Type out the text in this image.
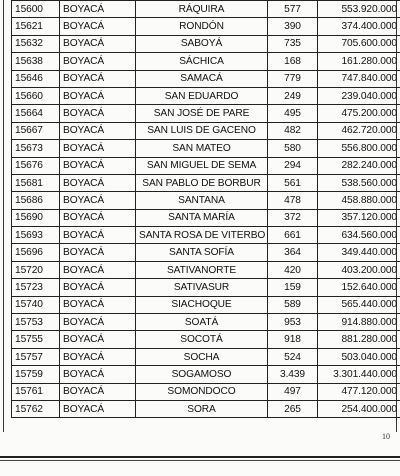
15600	BOYACÁ	RÁQUIRA	577	553.920.000
15621	BOYACÁ	RONDÓN	390	374.400.000
15632	BOYACÁ	SABOYÁ	735	705.600.000
15638	BOYACÁ	SÁCHICA	168	161.280.000
15646	BOYACÁ	SAMACÁ	779	747.840.000
15660	BOYACÁ	SAN EDUARDO	249	239.040.000
15664	BOYACÁ	SAN JOSÉ DE PARE	495	475.200.000
15667	BOYACÁ	SAN LUIS DE GACENO	482	462.720.000
15673	BOYACÁ	SAN MATEO	580	556.800.000
15676	BOYACÁ	SAN MIGUEL DE SEMA	294	282.240.000
15681	BOYACÁ	SAN PABLO DE BORBUR	561	538.560.000
15686	BOYACÁ	SANTANA	478	458.880.000
15690	BOYACÁ	SANTA MARÍA	372	357.120.000
15693	BOYACÁ	SANTA ROSA DE VITERBO	661	634.560.000
15696	BOYACÁ	SANTA SOFÍA	364	349.440.000
15720	BOYACÁ	SATIVANORTE	420	403.200.000
15723	BOYACÁ	SATIVASUR	159	152.640.000
15740	BOYACÁ	SIACHOQUE	589	565.440.000
15753	BOYACÁ	SOATÁ	953	914.880.000
15755	BOYACÁ	SOCOTÁ	918	881.280.000
15757	BOYACÁ	SOCHA	524	503.040.000
15759	BOYACÁ	SOGAMOSO	3.439	3.301.440.000
15761	BOYACÁ	SOMONDOCO	497	477.120.000
15762	BOYACÁ	SORA	265	254.400.000
10
